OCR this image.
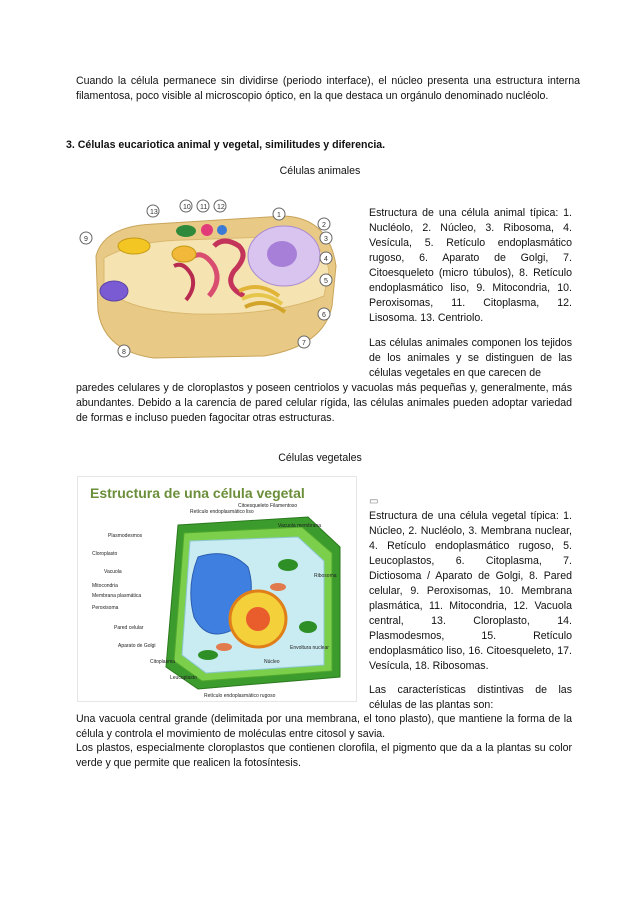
Cuando la célula permanece sin dividirse (periodo interface), el núcleo presenta una estructura interna filamentosa, poco visible al microscopio óptico, en la que destaca un orgánulo denominado nucléolo.
3. Células eucariotica animal y vegetal, similitudes y diferencia.
Células animales
10 11 12
13	1
2
3
4
5
6
7
8
9
Estructura de una célula animal típica: 1. Nucléolo, 2. Núcleo, 3. Ribosoma, 4. Vesícula, 5. Retículo endoplasmático rugoso, 6. Aparato de Golgi, 7. Citoesqueleto (micro túbulos), 8. Retículo endoplasmático liso, 9. Mitocondria, 10. Peroxisomas, 11. Citoplasma, 12. Lisosoma. 13. Centriolo.
Las células animales componen los tejidos de los animales y se distinguen de las células vegetales en que carecen de
paredes celulares y de cloroplastos y poseen centriolos y vacuolas más pequeñas y, generalmente, más abundantes. Debido a la carencia de pared celular rígida, las células animales pueden adoptar variedad de formas e incluso pueden fagocitar otras estructuras.
Células vegetales
Estructura de una célula vegetal
Retículo endoplasmático liso
Citoesqueleto Filamentoso
Vacuola membrana
Plasmodesmos
Cloroplasto
Vacuola
Mitocondria
Membrana plasmática
Peroxisoma
Pared celular
Aparato de Golgi
Citoplasma
Leucoplasto
Retículo endoplasmático rugoso
Núcleo
Envoltura nuclear
Ribosoma
▭
Estructura de una célula vegetal típica: 1. Núcleo, 2. Nucléolo, 3. Membrana nuclear, 4. Retículo endoplasmático rugoso, 5. Leucoplastos, 6. Citoplasma, 7. Dictiosoma / Aparato de Golgi, 8. Pared celular, 9. Peroxisomas, 10. Membrana plasmática, 11. Mitocondria, 12. Vacuola central, 13. Cloroplasto, 14. Plasmodesmos, 15. Retículo endoplasmático liso, 16. Citoesqueleto, 17. Vesícula, 18. Ribosomas.
Las características distintivas de las células de las plantas son:
Una vacuola central grande (delimitada por una membrana, el tono plasto), que mantiene la forma de la célula y controla el movimiento de moléculas entre citosol y savia.
Los plastos, especialmente cloroplastos que contienen clorofila, el pigmento que da a la plantas su color verde y que permite que realicen la fotosíntesis.
